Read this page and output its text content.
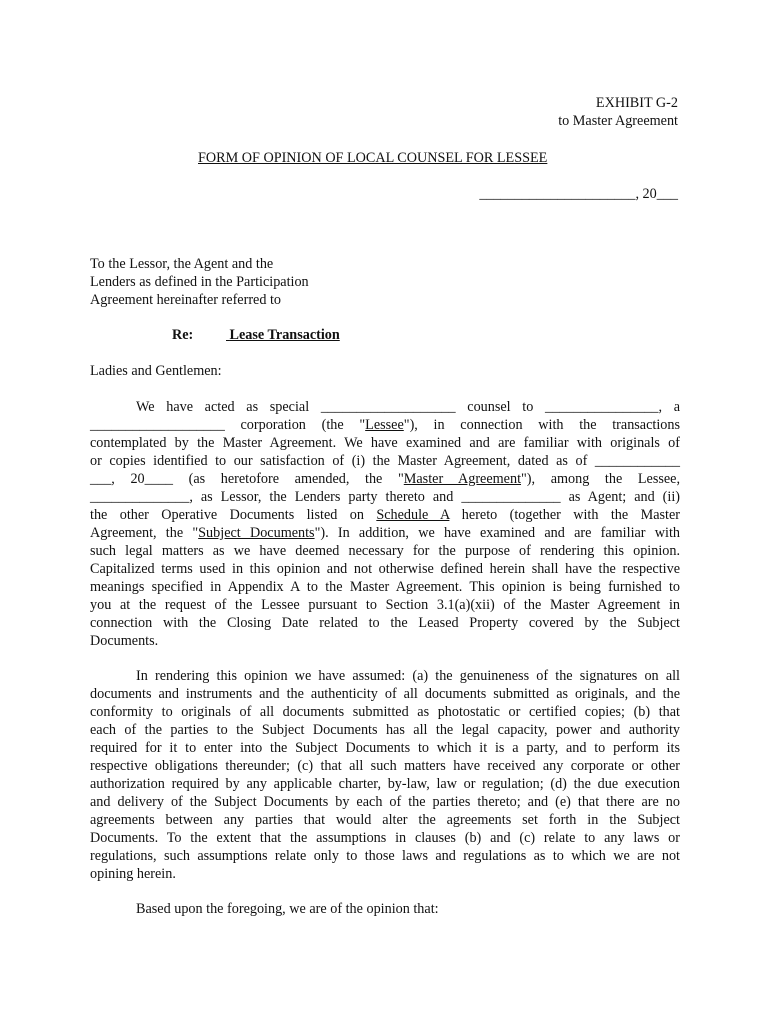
EXHIBIT G-2
to Master Agreement
FORM OF OPINION OF LOCAL COUNSEL FOR LESSEE
______________________, 20___
To the Lessor, the Agent and the
Lenders as defined in the Participation
Agreement hereinafter referred to
Re:	Lease Transaction
Ladies and Gentlemen:
We have acted as special ___________________ counsel to ________________, a
___________________ corporation (the "Lessee"), in connection with the transactions
contemplated by the Master Agreement. We have examined and are familiar with originals of
or copies identified to our satisfaction of (i) the Master Agreement, dated as of ____________
___, 20____ (as heretofore amended, the "Master Agreement"), among the Lessee,
______________, as Lessor, the Lenders party thereto and ______________ as Agent; and (ii)
the other Operative Documents listed on Schedule A hereto (together with the Master
Agreement, the "Subject Documents"). In addition, we have examined and are familiar with
such legal matters as we have deemed necessary for the purpose of rendering this opinion.
Capitalized terms used in this opinion and not otherwise defined herein shall have the respective
meanings specified in Appendix A to the Master Agreement. This opinion is being furnished to
you at the request of the Lessee pursuant to Section 3.1(a)(xii) of the Master Agreement in
connection with the Closing Date related to the Leased Property covered by the Subject
Documents.
In rendering this opinion we have assumed: (a) the genuineness of the signatures on all
documents and instruments and the authenticity of all documents submitted as originals, and the
conformity to originals of all documents submitted as photostatic or certified copies; (b) that
each of the parties to the Subject Documents has all the legal capacity, power and authority
required for it to enter into the Subject Documents to which it is a party, and to perform its
respective obligations thereunder; (c) that all such matters have received any corporate or other
authorization required by any applicable charter, by-law, law or regulation; (d) the due execution
and delivery of the Subject Documents by each of the parties thereto; and (e) that there are no
agreements between any parties that would alter the agreements set forth in the Subject
Documents. To the extent that the assumptions in clauses (b) and (c) relate to any laws or
regulations, such assumptions relate only to those laws and regulations as to which we are not
opining herein.
Based upon the foregoing, we are of the opinion that:
